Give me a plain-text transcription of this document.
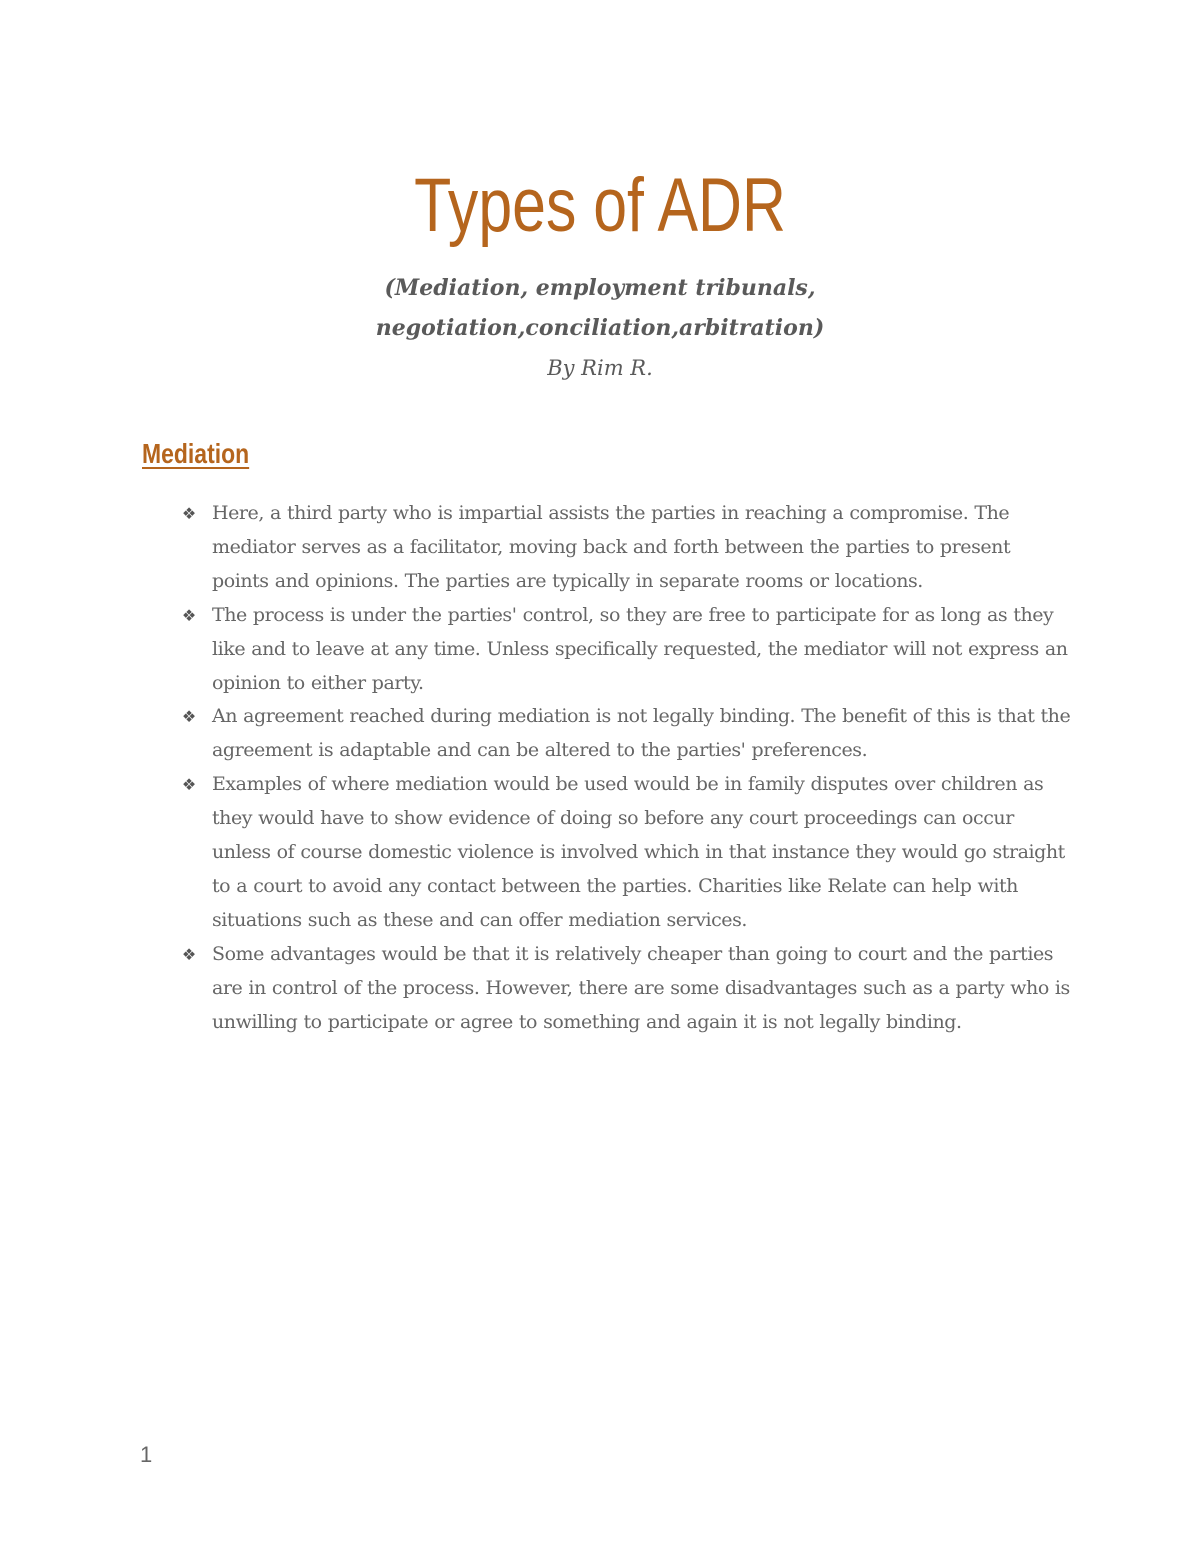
Types of ADR
(Mediation, employment tribunals,
negotiation,conciliation,arbitration)
By Rim R.
Mediation
❖ Here, a third party who is impartial assists the parties in reaching a compromise. The mediator serves as a facilitator, moving back and forth between the parties to present points and opinions. The parties are typically in separate rooms or locations.
❖ The process is under the parties' control, so they are free to participate for as long as they like and to leave at any time. Unless specifically requested, the mediator will not express an opinion to either party.
❖ An agreement reached during mediation is not legally binding. The benefit of this is that the agreement is adaptable and can be altered to the parties' preferences.
❖ Examples of where mediation would be used would be in family disputes over children as they would have to show evidence of doing so before any court proceedings can occur unless of course domestic violence is involved which in that instance they would go straight to a court to avoid any contact between the parties. Charities like Relate can help with situations such as these and can offer mediation services.
❖ Some advantages would be that it is relatively cheaper than going to court and the parties are in control of the process. However, there are some disadvantages such as a party who is unwilling to participate or agree to something and again it is not legally binding.
1
